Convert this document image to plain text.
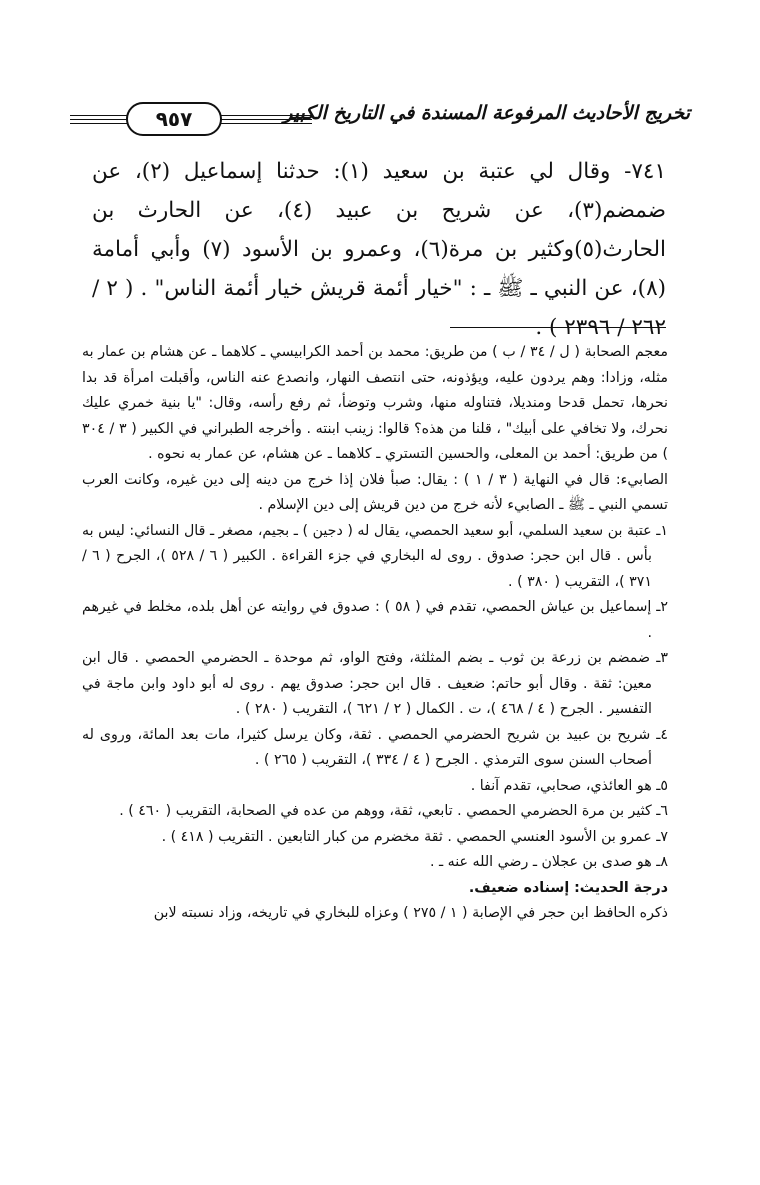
تخريج الأحاديث المرفوعة المسندة في التاريخ الكبير
٩٥٧

٧٤١- وقال لي عتبة بن سعيد (١): حدثنا إسماعيل (٢)، عن ضمضم(٣)، عن شريح بن عبيد (٤)، عن الحارث بن الحارث(٥)وكثير بن مرة(٦)، وعمرو بن الأسود (٧) وأبي أمامة (٨)، عن النبي ـ ﷺ ـ : "خيار أئمة قريش خيار أئمة الناس" . ( ٢ / ٢٦٢ / ٢٣٩٦ ) .

معجم الصحابة ( ل / ٣٤ / ب ) من طريق: محمد بن أحمد الكرابيسي ـ كلاهما ـ عن هشام بن عمار به مثله، وزادا: وهم يردون عليه، ويؤذونه، حتى انتصف النهار، وانصدع عنه الناس، وأقبلت امرأة قد بدا نحرها، تحمل قدحا ومنديلا، فتناوله منها، وشرب وتوضأ، ثم رفع رأسه، وقال: "يا بنية خمري عليك نحرك، ولا تخافي على أبيك" ، قلنا من هذه؟ قالوا: زينب ابنته . وأخرجه الطبراني في الكبير ( ٣ / ٣٠٤ ) من طريق: أحمد بن المعلى، والحسين التستري ـ كلاهما ـ عن هشام، عن عمار به نحوه .

الصابيء: قال في النهاية ( ٣ / ١ ) : يقال: صبأ فلان إذا خرج من دينه إلى دين غيره، وكانت العرب تسمي النبي ـ ﷺ ـ الصابيء لأنه خرج من دين قريش إلى دين الإسلام .

١ـ عتبة بن سعيد السلمي، أبو سعيد الحمصي، يقال له ( دجين ) ـ بجيم، مصغر ـ قال النسائي: ليس به بأس . قال ابن حجر: صدوق . روى له البخاري في جزء القراءة . الكبير ( ٦ / ٥٢٨ )، الجرح ( ٦ / ٣٧١ )، التقريب ( ٣٨٠ ) .
٢ـ إسماعيل بن عياش الحمصي، تقدم في ( ٥٨ ) : صدوق في روايته عن أهل بلده، مخلط في غيرهم .
٣ـ ضمضم بن زرعة بن ثوب ـ بضم المثلثة، وفتح الواو، ثم موحدة ـ الحضرمي الحمصي . قال ابن معين: ثقة . وقال أبو حاتم: ضعيف . قال ابن حجر: صدوق يهم . روى له أبو داود وابن ماجة في التفسير . الجرح ( ٤ / ٤٦٨ )، ت . الكمال ( ٢ / ٦٢١ )، التقريب ( ٢٨٠ ) .
٤ـ شريح بن عبيد بن شريح الحضرمي الحمصي . ثقة، وكان يرسل كثيرا، مات بعد المائة، وروى له أصحاب السنن سوى الترمذي . الجرح ( ٤ / ٣٣٤ )، التقريب ( ٢٦٥ ) .
٥ـ هو العائذي، صحابي، تقدم آنفا .
٦ـ كثير بن مرة الحضرمي الحمصي . تابعي، ثقة، ووهم من عده في الصحابة، التقريب ( ٤٦٠ ) .
٧ـ عمرو بن الأسود العنسي الحمصي . ثقة مخضرم من كبار التابعين . التقريب ( ٤١٨ ) .
٨ـ هو صدى بن عجلان ـ رضي الله عنه ـ .

درجة الحديث: إسناده ضعيف.

ذكره الحافظ ابن حجر في الإصابة ( ١ / ٢٧٥ ) وعزاه للبخاري في تاريخه، وزاد نسبته لابن
